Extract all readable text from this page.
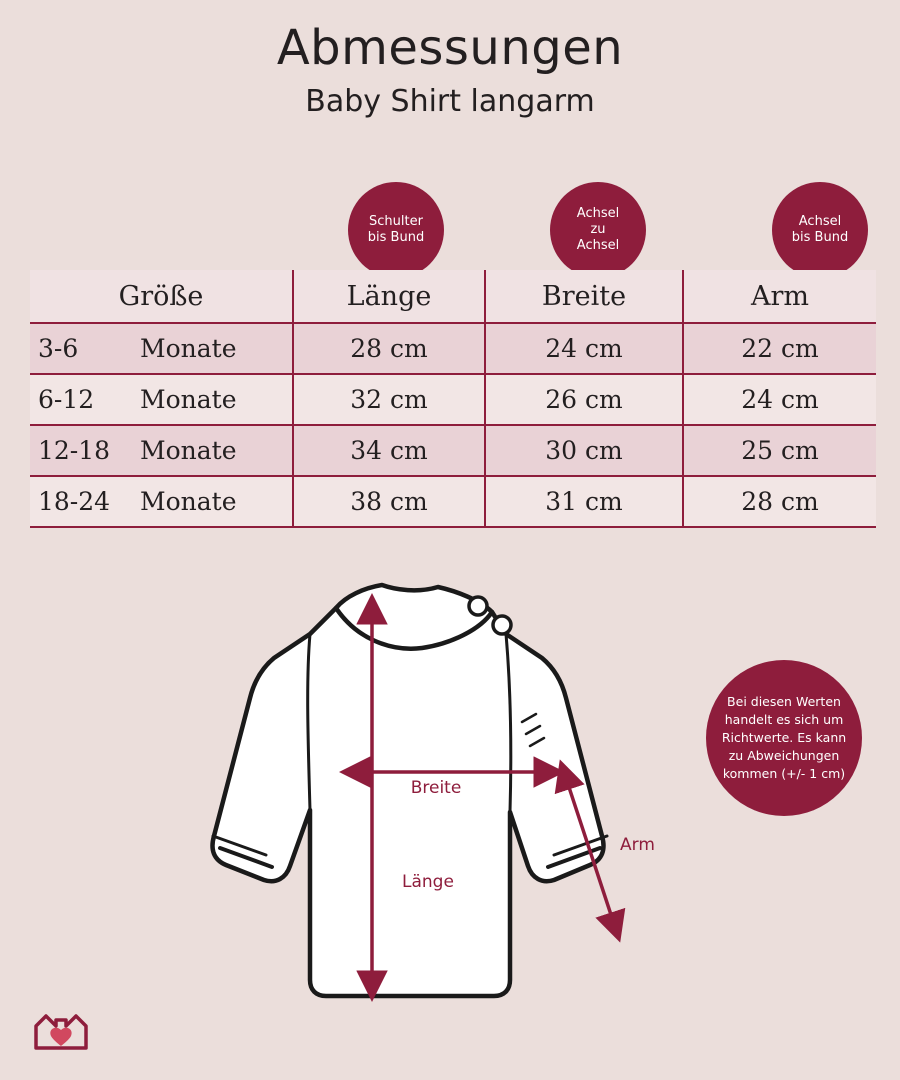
Abmessungen
Baby Shirt langarm
Schulter
bis Bund
Achsel
zu
Achsel
Achsel
bis Bund
Größe	Länge	Breite	Arm

3-6 Monate	28 cm	24 cm	22 cm

6-12 Monate	32 cm	26 cm	24 cm

12-18 Monate	34 cm	30 cm	25 cm

18-24 Monate	38 cm	31 cm	28 cm
Breite
Länge
Arm
Bei diesen Werten handelt es sich um Richtwerte. Es kann zu Abweichungen kommen (+/- 1 cm)
